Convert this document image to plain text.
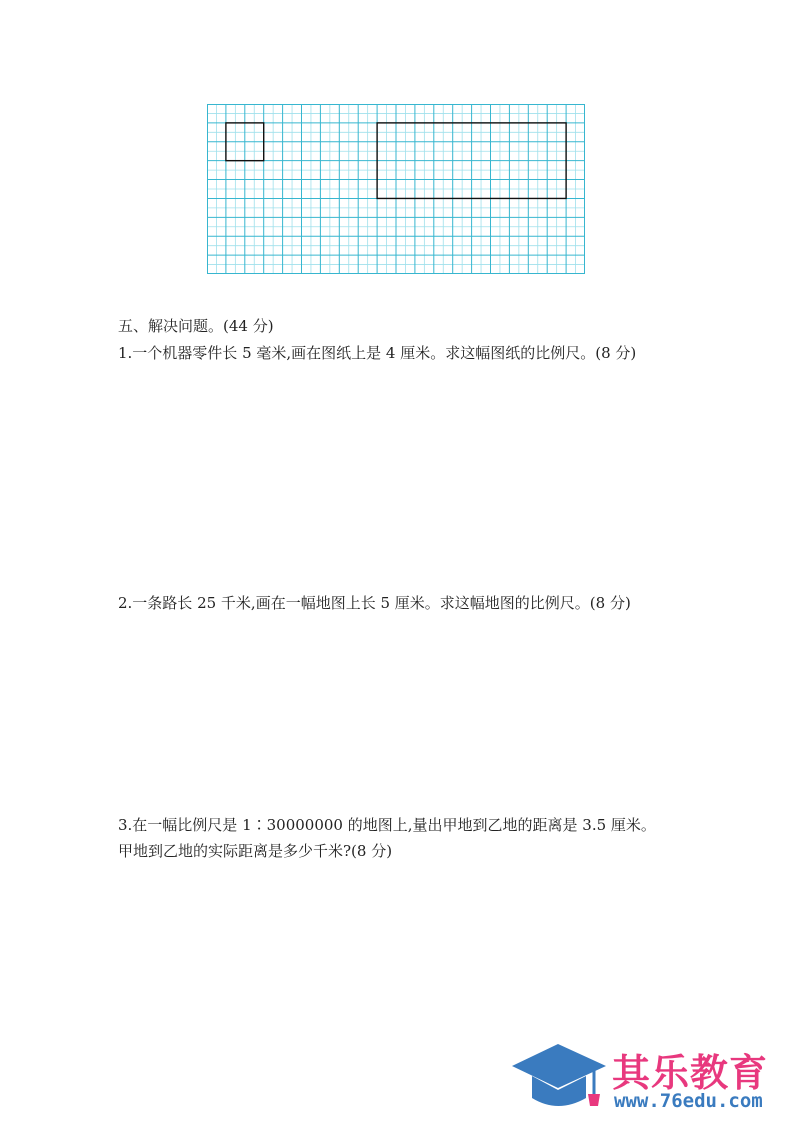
五、解决问题。(44 分)
1.一个机器零件长 5 毫米,画在图纸上是 4 厘米。求这幅图纸的比例尺。(8 分)
2.一条路长 25 千米,画在一幅地图上长 5 厘米。求这幅地图的比例尺。(8 分)
3.在一幅比例尺是 1∶30000000 的地图上,量出甲地到乙地的距离是 3.5 厘米。
甲地到乙地的实际距离是多少千米?(8 分)
其乐教育
www.76edu.com
